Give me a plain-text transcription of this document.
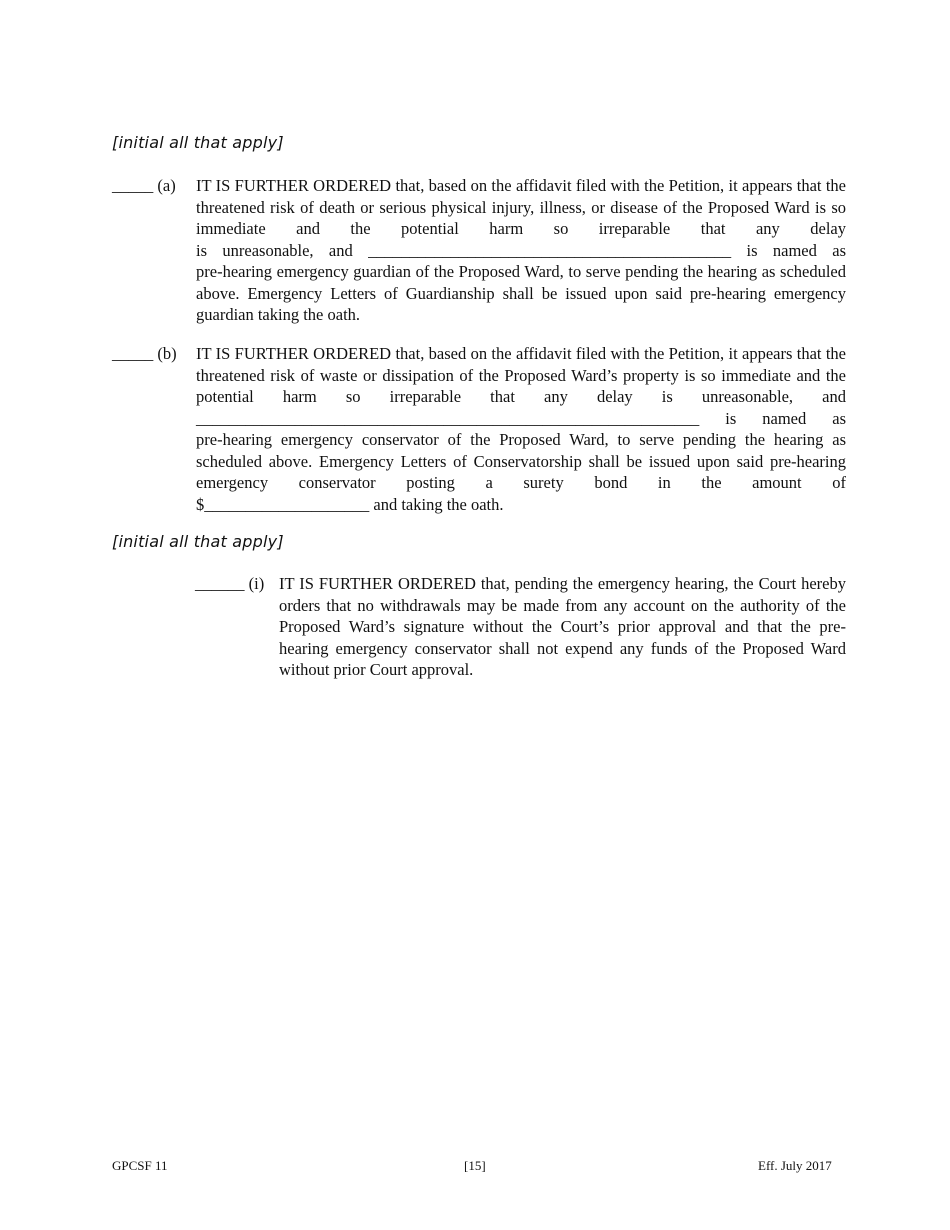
[initial all that apply]
_____ (a) IT IS FURTHER ORDERED that, based on the affidavit filed with the Petition, it appears that the threatened risk of death or serious physical injury, illness, or disease of the Proposed Ward is so immediate and the potential harm so irreparable that any delay
is unreasonable, and ____________________________________________ is named as
pre-hearing emergency guardian of the Proposed Ward, to serve pending the hearing as scheduled above. Emergency Letters of Guardianship shall be issued upon said pre-hearing emergency guardian taking the oath.
_____ (b) IT IS FURTHER ORDERED that, based on the affidavit filed with the Petition, it appears that the threatened risk of waste or dissipation of the Proposed Ward’s property is so immediate and the potential harm so irreparable that any delay is unreasonable, and
_____________________________________________________________ is named as
pre-hearing emergency conservator of the Proposed Ward, to serve pending the hearing as scheduled above. Emergency Letters of Conservatorship shall be issued upon said pre-hearing emergency conservator posting a surety bond in the amount of
$____________________ and taking the oath.
[initial all that apply]
______ (i) IT IS FURTHER ORDERED that, pending the emergency hearing, the Court hereby orders that no withdrawals may be made from any account on the authority of the Proposed Ward’s signature without the Court’s prior approval and that the pre-hearing emergency conservator shall not expend any funds of the Proposed Ward without prior Court approval.
GPCSF 11	[15]	Eff. July 2017
